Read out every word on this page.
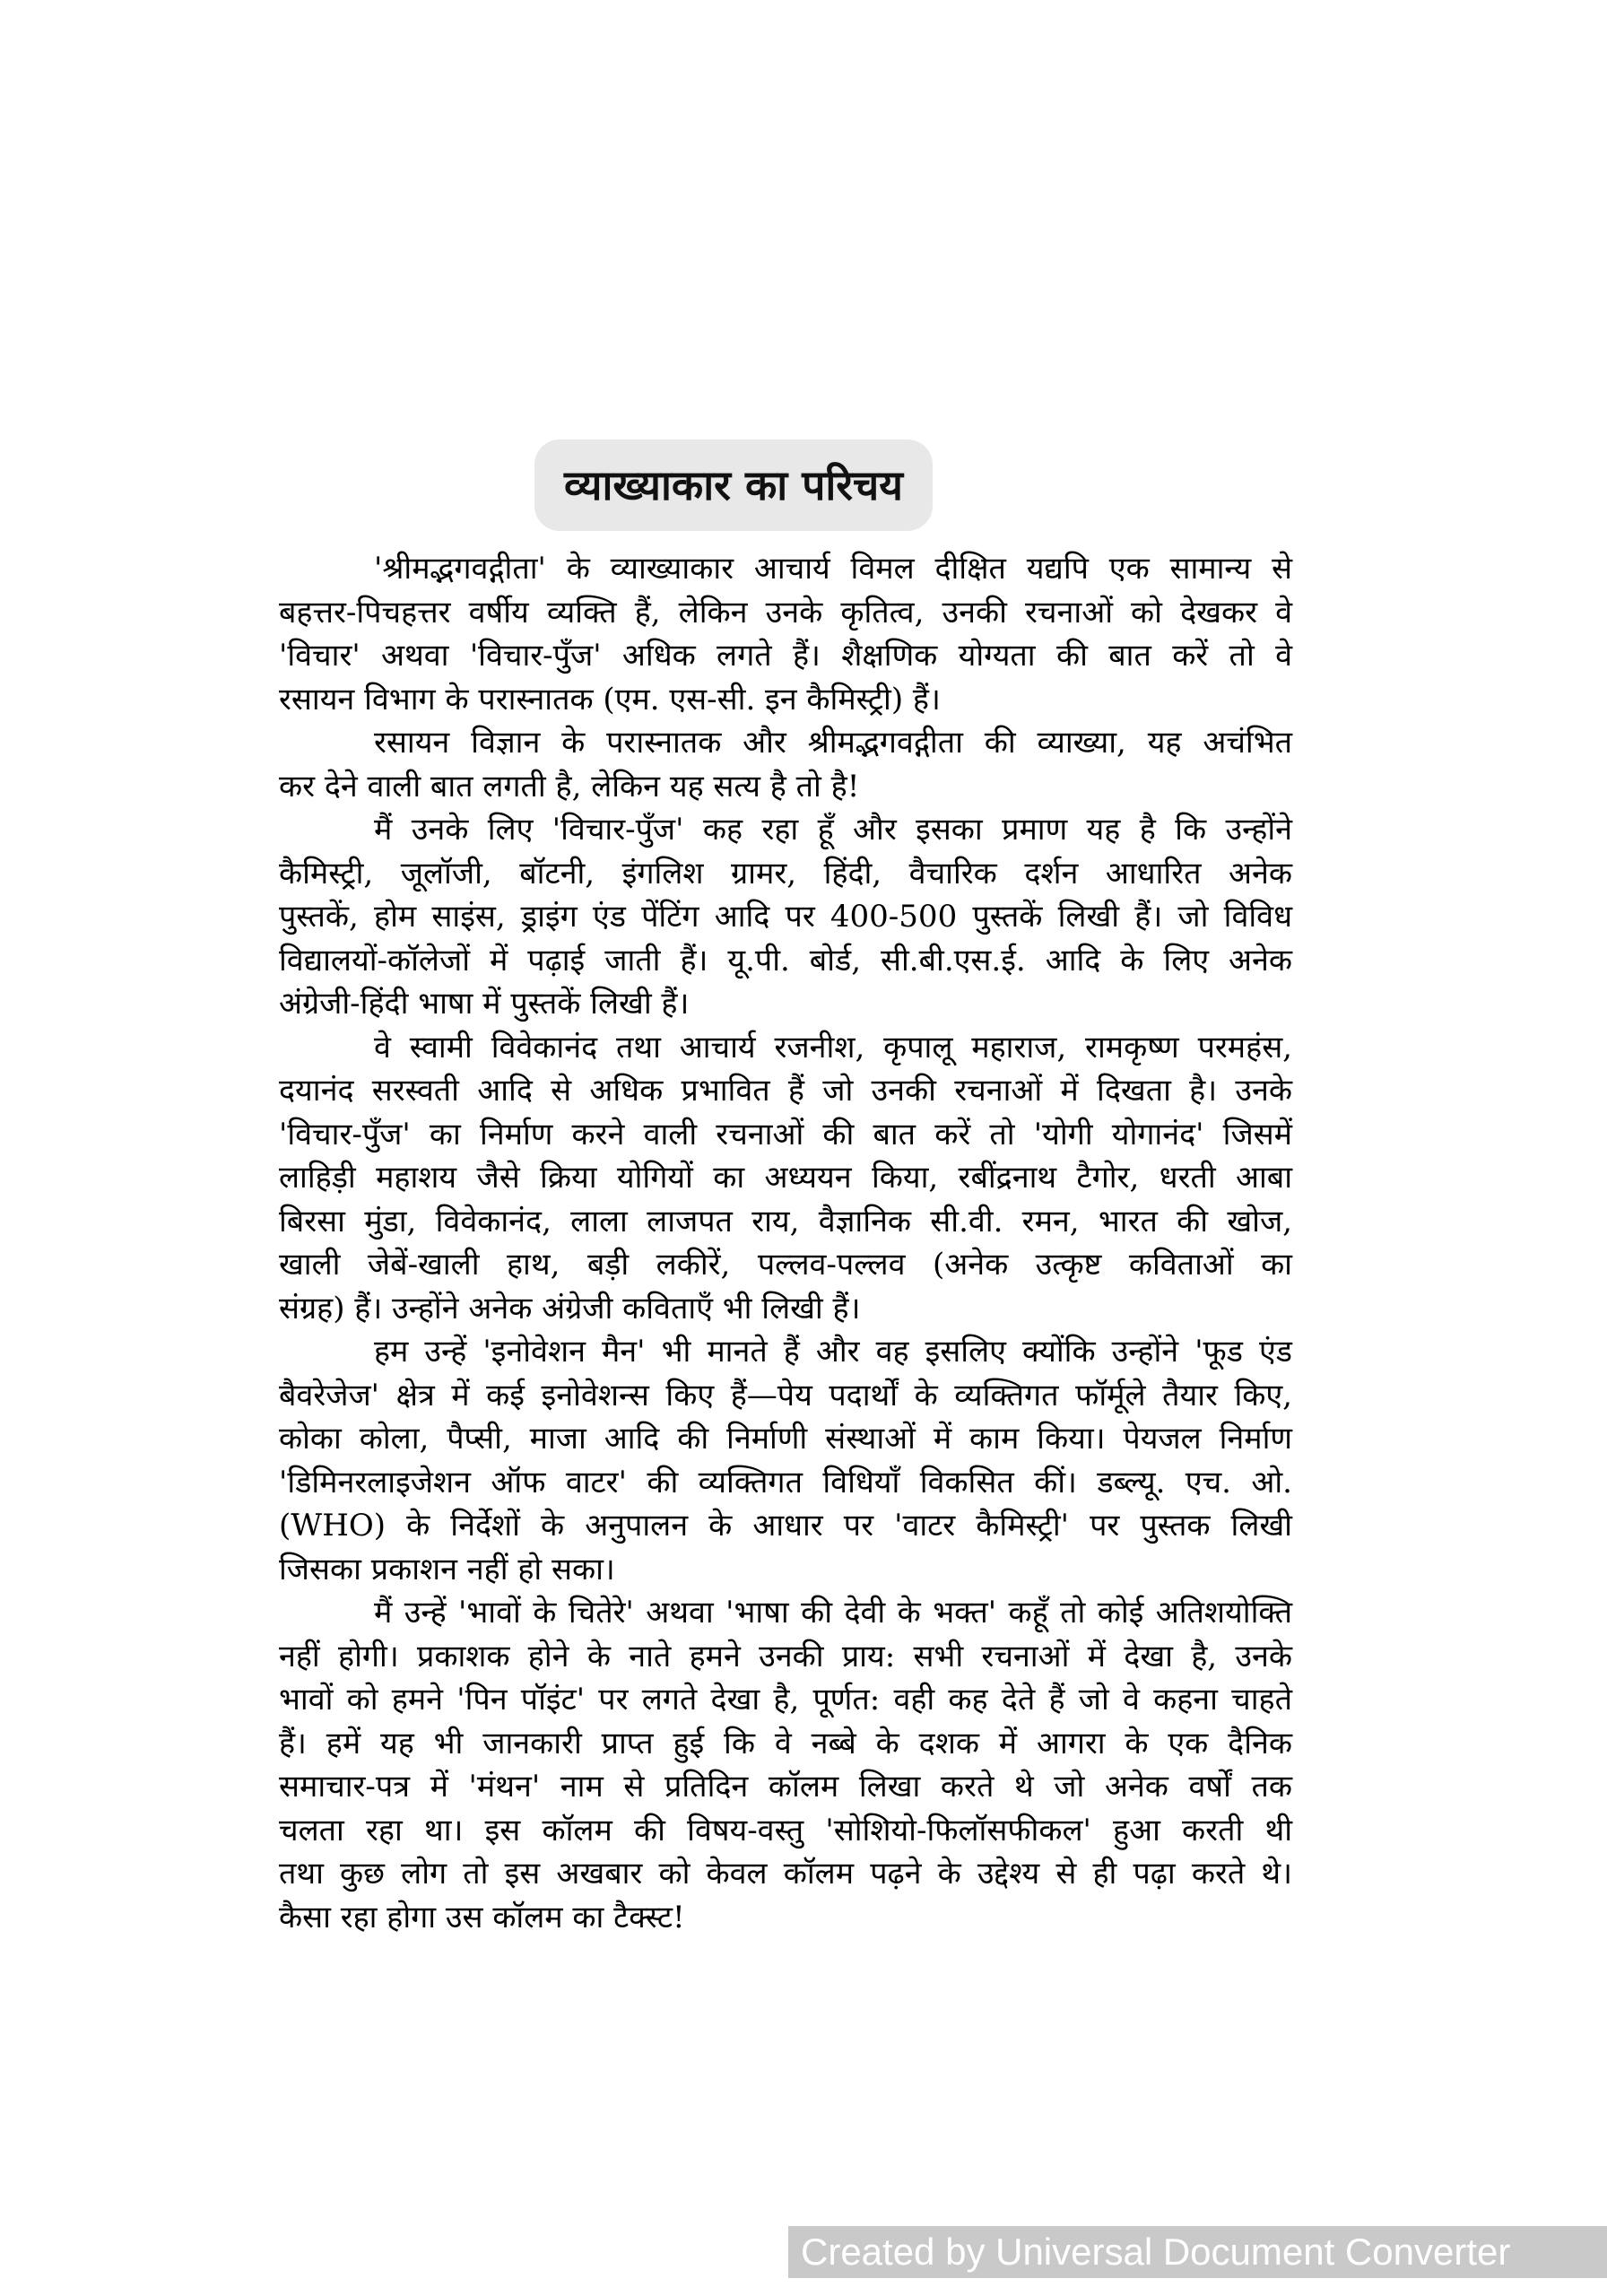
व्याख्याकार का परिचय
'श्रीमद्भगवद्गीता' के व्याख्याकार आचार्य विमल दीक्षित यद्यपि एक सामान्य से
बहत्तर-पिचहत्तर वर्षीय व्यक्ति हैं, लेकिन उनके कृतित्व, उनकी रचनाओं को देखकर वे
'विचार' अथवा 'विचार-पुँज' अधिक लगते हैं। शैक्षणिक योग्यता की बात करें तो वे
रसायन विभाग के परास्नातक (एम. एस-सी. इन कैमिस्ट्री) हैं।
रसायन विज्ञान के परास्नातक और श्रीमद्भगवद्गीता की व्याख्या, यह अचंभित
कर देने वाली बात लगती है, लेकिन यह सत्य है तो है!
मैं उनके लिए 'विचार-पुँज' कह रहा हूँ और इसका प्रमाण यह है कि उन्होंने
कैमिस्ट्री, जूलॉजी, बॉटनी, इंगलिश ग्रामर, हिंदी, वैचारिक दर्शन आधारित अनेक
पुस्तकें, होम साइंस, ड्राइंग एंड पेंटिंग आदि पर 400-500 पुस्तकें लिखी हैं। जो विविध
विद्यालयों-कॉलेजों में पढ़ाई जाती हैं। यू.पी. बोर्ड, सी.बी.एस.ई. आदि के लिए अनेक
अंग्रेजी-हिंदी भाषा में पुस्तकें लिखी हैं।
वे स्वामी विवेकानंद तथा आचार्य रजनीश, कृपालू महाराज, रामकृष्ण परमहंस,
दयानंद सरस्वती आदि से अधिक प्रभावित हैं जो उनकी रचनाओं में दिखता है। उनके
'विचार-पुँज' का निर्माण करने वाली रचनाओं की बात करें तो 'योगी योगानंद' जिसमें
लाहिड़ी महाशय जैसे क्रिया योगियों का अध्ययन किया, रबींद्रनाथ टैगोर, धरती आबा
बिरसा मुंडा, विवेकानंद, लाला लाजपत राय, वैज्ञानिक सी.वी. रमन, भारत की खोज,
खाली जेबें-खाली हाथ, बड़ी लकीरें, पल्लव-पल्लव (अनेक उत्कृष्ट कविताओं का
संग्रह) हैं। उन्होंने अनेक अंग्रेजी कविताएँ भी लिखी हैं।
हम उन्हें 'इनोवेशन मैन' भी मानते हैं और वह इसलिए क्योंकि उन्होंने 'फूड एंड
बैवरेजेज' क्षेत्र में कई इनोवेशन्स किए हैं—पेय पदार्थों के व्यक्तिगत फॉर्मूले तैयार किए,
कोका कोला, पैप्सी, माजा आदि की निर्माणी संस्थाओं में काम किया। पेयजल निर्माण
'डिमिनरलाइजेशन ऑफ वाटर' की व्यक्तिगत विधियाँ विकसित कीं। डब्ल्यू. एच. ओ.
(WHO) के निर्देशों के अनुपालन के आधार पर 'वाटर कैमिस्ट्री' पर पुस्तक लिखी
जिसका प्रकाशन नहीं हो सका।
मैं उन्हें 'भावों के चितेरे' अथवा 'भाषा की देवी के भक्त' कहूँ तो कोई अतिशयोक्ति
नहीं होगी। प्रकाशक होने के नाते हमने उनकी प्राय: सभी रचनाओं में देखा है, उनके
भावों को हमने 'पिन पॉइंट' पर लगते देखा है, पूर्णत: वही कह देते हैं जो वे कहना चाहते
हैं। हमें यह भी जानकारी प्राप्त हुई कि वे नब्बे के दशक में आगरा के एक दैनिक
समाचार-पत्र में 'मंथन' नाम से प्रतिदिन कॉलम लिखा करते थे जो अनेक वर्षों तक
चलता रहा था। इस कॉलम की विषय-वस्तु 'सोशियो-फिलॉसफीकल' हुआ करती थी
तथा कुछ लोग तो इस अखबार को केवल कॉलम पढ़ने के उद्देश्य से ही पढ़ा करते थे।
कैसा रहा होगा उस कॉलम का टैक्स्ट!
Created by Universal Document Converter
